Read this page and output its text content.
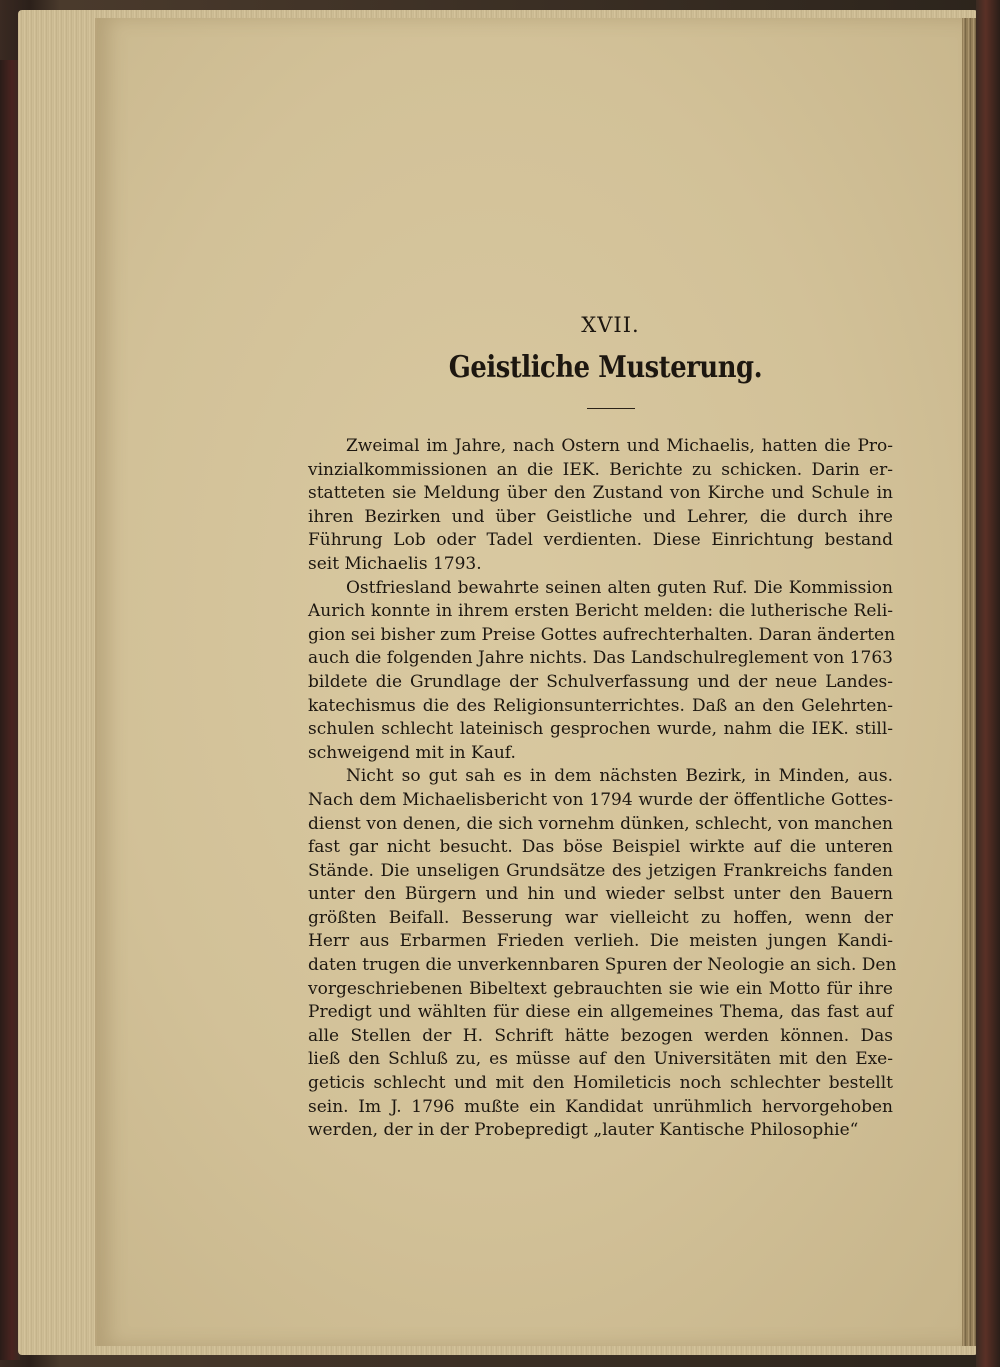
XVII.
Geistliche Musterung.
Zweimal im Jahre, nach Ostern und Michaelis, hatten die Pro-
vinzialkommissionen an die IEK. Berichte zu schicken. Darin er-
statteten sie Meldung über den Zustand von Kirche und Schule in
ihren Bezirken und über Geistliche und Lehrer, die durch ihre
Führung Lob oder Tadel verdienten. Diese Einrichtung bestand
seit Michaelis 1793.
Ostfriesland bewahrte seinen alten guten Ruf. Die Kommission
Aurich konnte in ihrem ersten Bericht melden: die lutherische Reli-
gion sei bisher zum Preise Gottes aufrechterhalten. Daran änderten
auch die folgenden Jahre nichts. Das Landschulreglement von 1763
bildete die Grundlage der Schulverfassung und der neue Landes-
katechismus die des Religionsunterrichtes. Daß an den Gelehrten-
schulen schlecht lateinisch gesprochen wurde, nahm die IEK. still-
schweigend mit in Kauf.
Nicht so gut sah es in dem nächsten Bezirk, in Minden, aus.
Nach dem Michaelisbericht von 1794 wurde der öffentliche Gottes-
dienst von denen, die sich vornehm dünken, schlecht, von manchen
fast gar nicht besucht. Das böse Beispiel wirkte auf die unteren
Stände. Die unseligen Grundsätze des jetzigen Frankreichs fanden
unter den Bürgern und hin und wieder selbst unter den Bauern
größten Beifall. Besserung war vielleicht zu hoffen, wenn der
Herr aus Erbarmen Frieden verlieh. Die meisten jungen Kandi-
daten trugen die unverkennbaren Spuren der Neologie an sich. Den
vorgeschriebenen Bibeltext gebrauchten sie wie ein Motto für ihre
Predigt und wählten für diese ein allgemeines Thema, das fast auf
alle Stellen der H. Schrift hätte bezogen werden können. Das
ließ den Schluß zu, es müsse auf den Universitäten mit den Exe-
geticis schlecht und mit den Homileticis noch schlechter bestellt
sein. Im J. 1796 mußte ein Kandidat unrühmlich hervorgehoben
werden, der in der Probepredigt „lauter Kantische Philosophie“
